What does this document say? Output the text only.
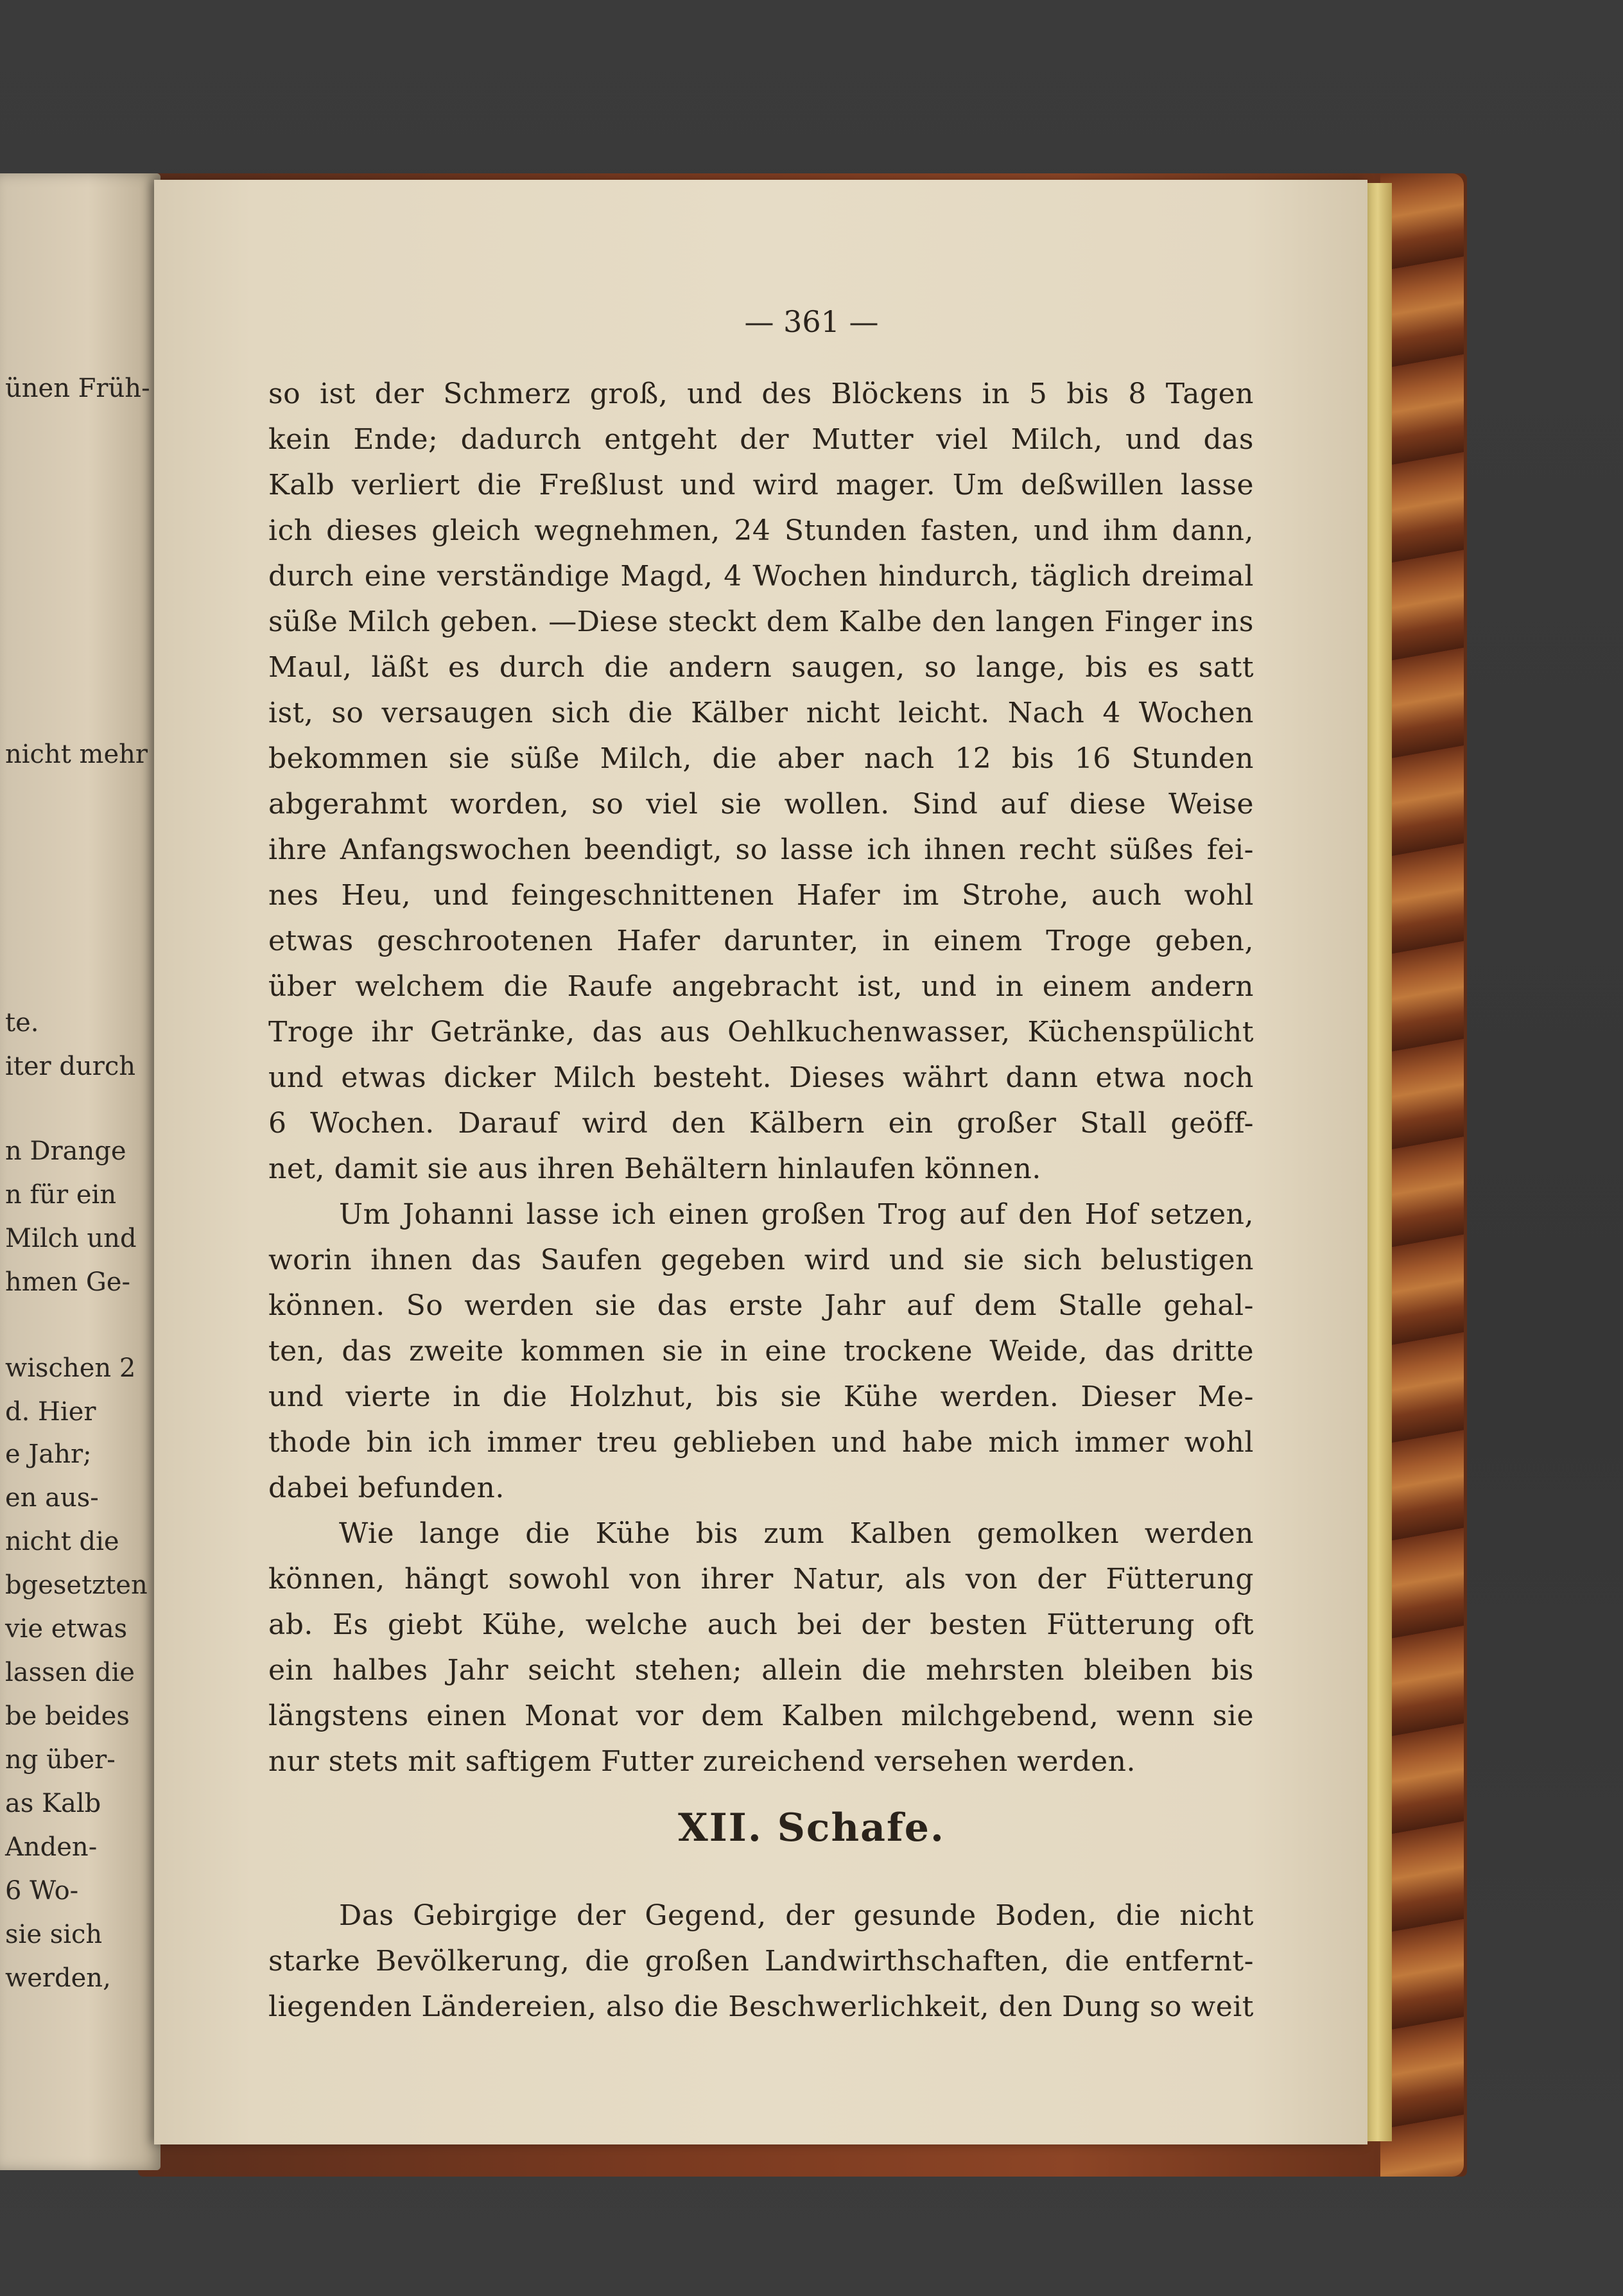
ünen Früh-
nicht mehr
te.
iter durch
n Drange
n für ein
Milch und
hmen Ge-
wischen 2
d. Hier
e Jahr;
en aus-
nicht die
bgesetzten
vie etwas
lassen die
be beides
ng über-
as Kalb
Anden-
6 Wo-
sie sich
werden,
— 361 —
so ist der Schmerz groß, und des Blöckens in 5 bis 8 Tagen
kein Ende; dadurch entgeht der Mutter viel Milch, und das
Kalb verliert die Freßlust und wird mager. Um deßwillen lasse
ich dieses gleich wegnehmen, 24 Stunden fasten, und ihm dann,
durch eine verständige Magd, 4 Wochen hindurch, täglich dreimal
süße Milch geben. —Diese steckt dem Kalbe den langen Finger ins
Maul, läßt es durch die andern saugen, so lange, bis es satt
ist, so versaugen sich die Kälber nicht leicht. Nach 4 Wochen
bekommen sie süße Milch, die aber nach 12 bis 16 Stunden
abgerahmt worden, so viel sie wollen. Sind auf diese Weise
ihre Anfangswochen beendigt, so lasse ich ihnen recht süßes fei-
nes Heu, und feingeschnittenen Hafer im Strohe, auch wohl
etwas geschrootenen Hafer darunter, in einem Troge geben,
über welchem die Raufe angebracht ist, und in einem andern
Troge ihr Getränke, das aus Oehlkuchenwasser, Küchenspülicht
und etwas dicker Milch besteht. Dieses währt dann etwa noch
6 Wochen. Darauf wird den Kälbern ein großer Stall geöff-
net, damit sie aus ihren Behältern hinlaufen können.
Um Johanni lasse ich einen großen Trog auf den Hof setzen,
worin ihnen das Saufen gegeben wird und sie sich belustigen
können. So werden sie das erste Jahr auf dem Stalle gehal-
ten, das zweite kommen sie in eine trockene Weide, das dritte
und vierte in die Holzhut, bis sie Kühe werden. Dieser Me-
thode bin ich immer treu geblieben und habe mich immer wohl
dabei befunden.
Wie lange die Kühe bis zum Kalben gemolken werden
können, hängt sowohl von ihrer Natur, als von der Fütterung
ab. Es giebt Kühe, welche auch bei der besten Fütterung oft
ein halbes Jahr seicht stehen; allein die mehrsten bleiben bis
längstens einen Monat vor dem Kalben milchgebend, wenn sie
nur stets mit saftigem Futter zureichend versehen werden.
XII. Schafe.
Das Gebirgige der Gegend, der gesunde Boden, die nicht
starke Bevölkerung, die großen Landwirthschaften, die entfernt-
liegenden Ländereien, also die Beschwerlichkeit, den Dung so weit
